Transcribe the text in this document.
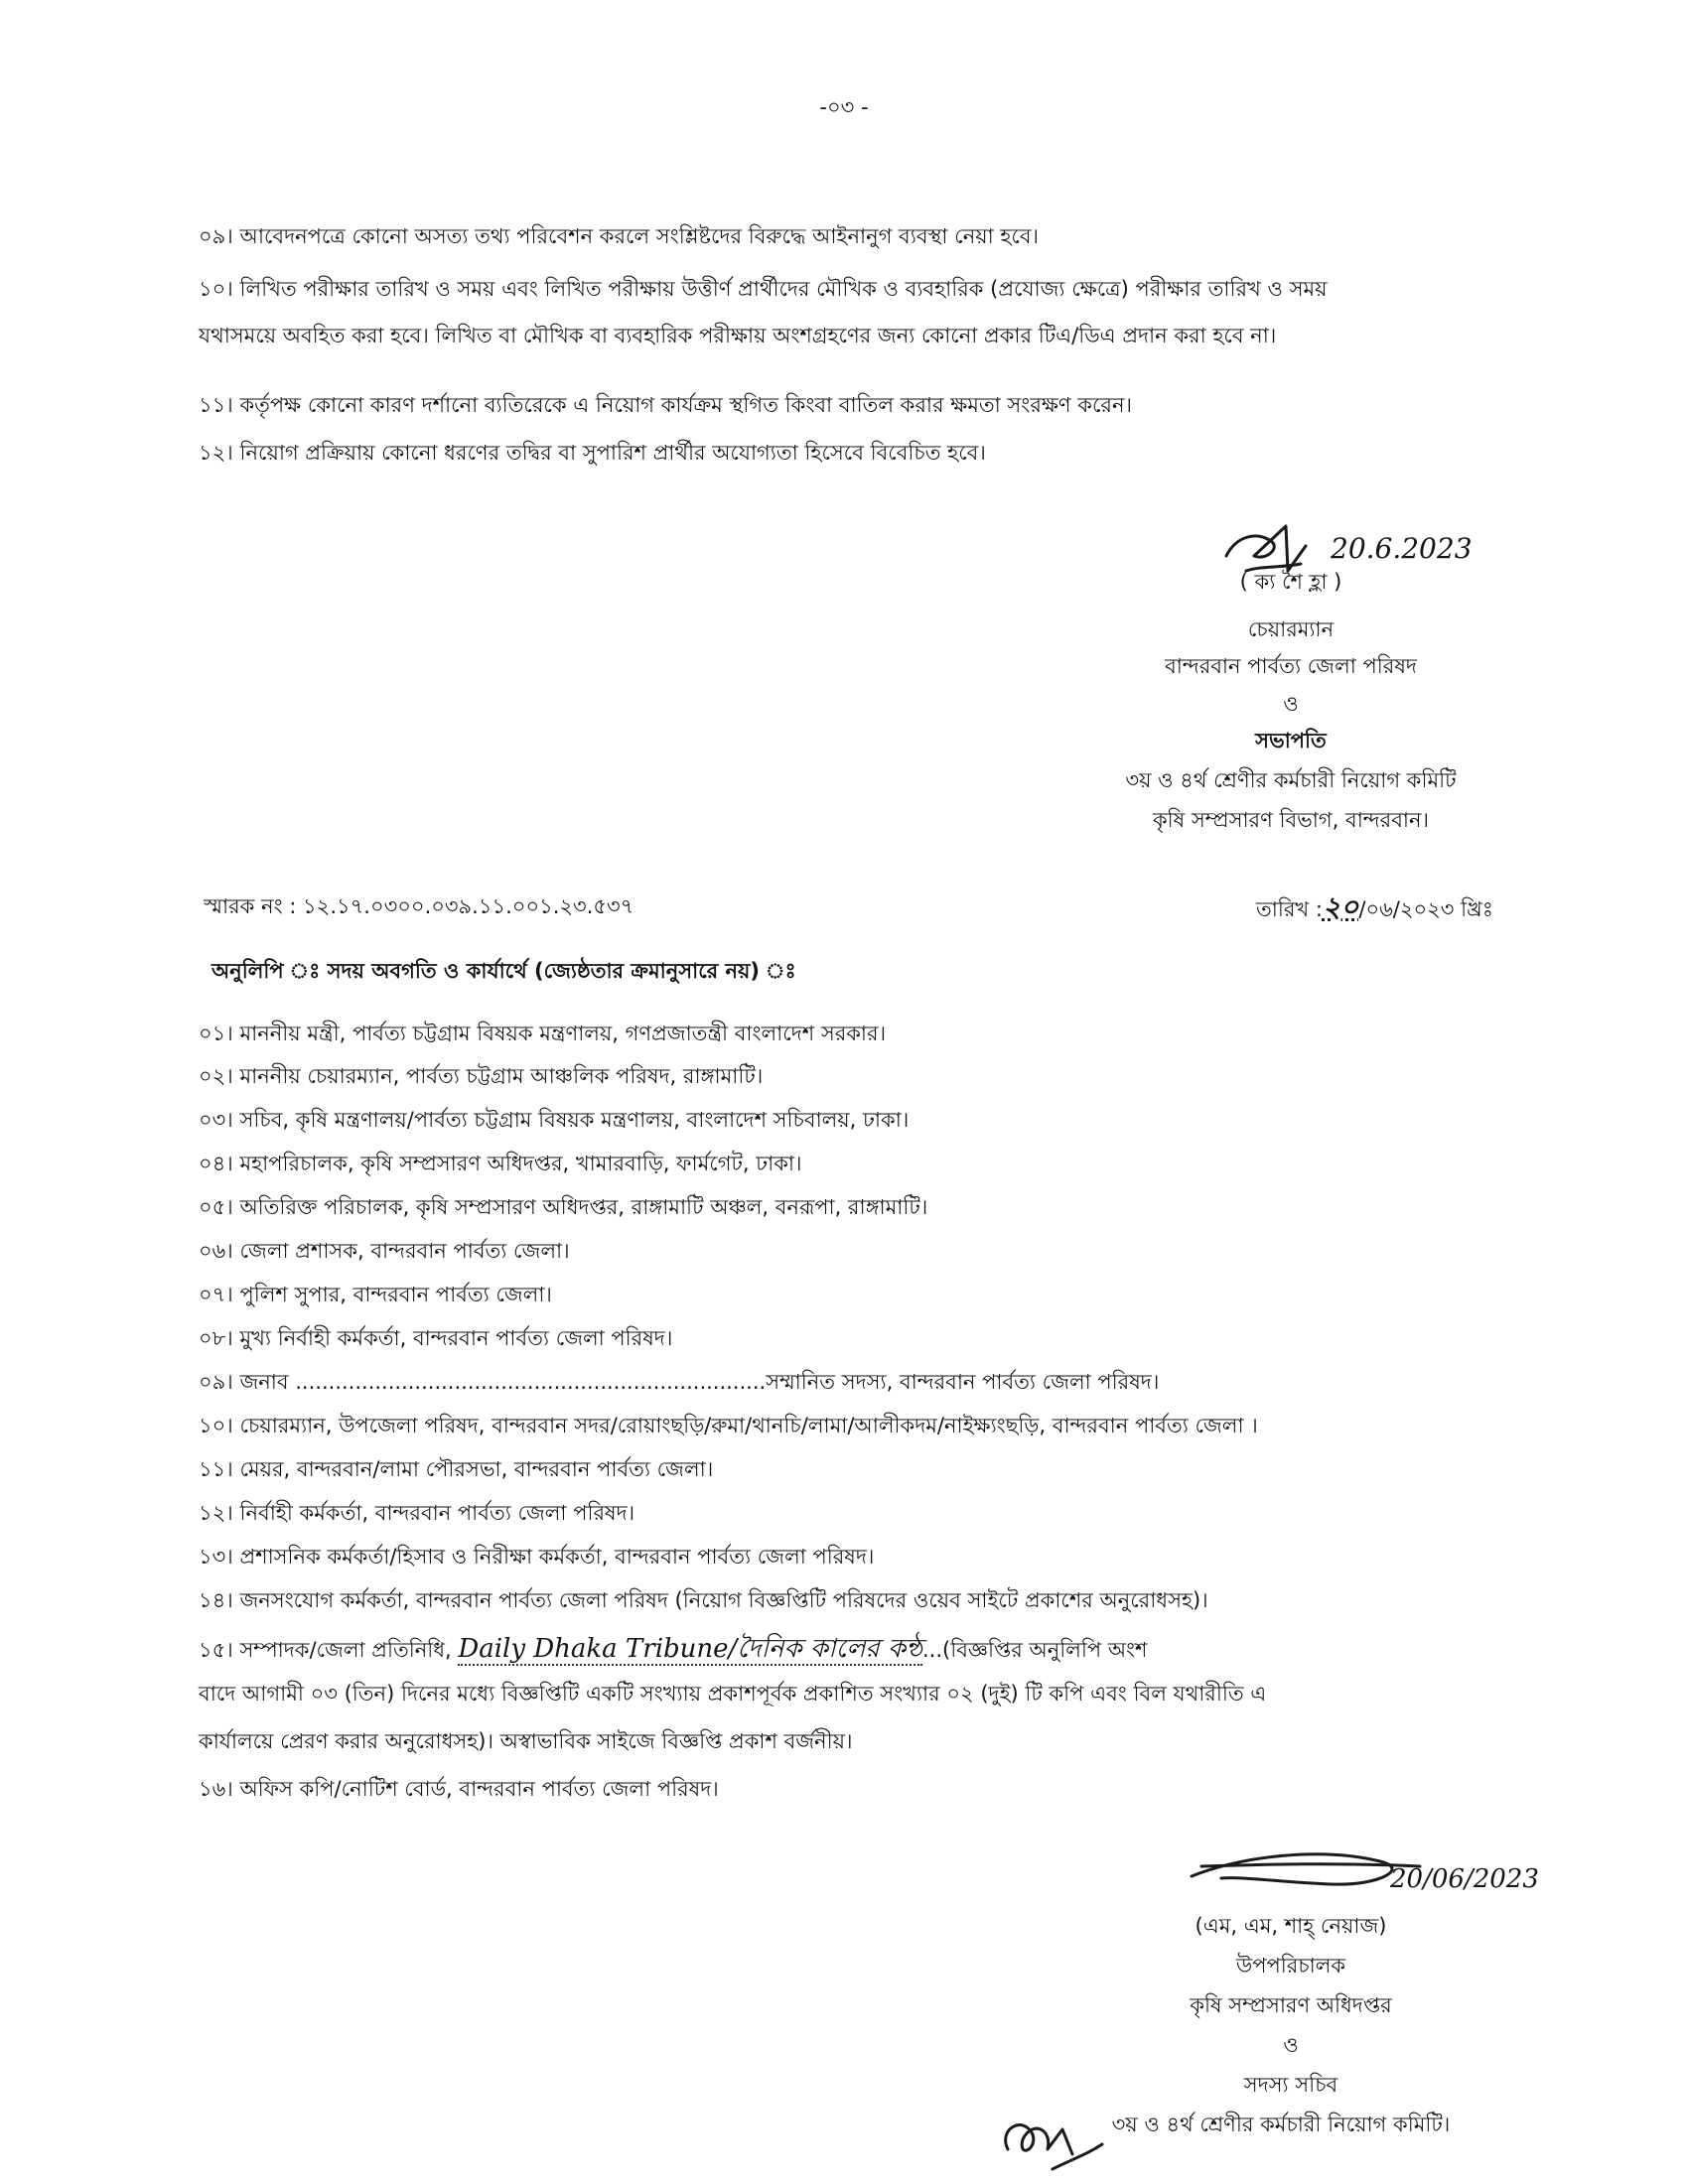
-০৩ -
০৯। আবেদনপত্রে কোনো অসত্য তথ্য পরিবেশন করলে সংশ্লিষ্টদের বিরুদ্ধে আইনানুগ ব্যবস্থা নেয়া হবে।
১০। লিখিত পরীক্ষার তারিখ ও সময় এবং লিখিত পরীক্ষায় উত্তীর্ণ প্রার্থীদের মৌখিক ও ব্যবহারিক (প্রযোজ্য ক্ষেত্রে) পরীক্ষার তারিখ ও সময়
যথাসময়ে অবহিত করা হবে। লিখিত বা মৌখিক বা ব্যবহারিক পরীক্ষায় অংশগ্রহণের জন্য কোনো প্রকার টিএ/ডিএ প্রদান করা হবে না।
১১। কর্তৃপক্ষ কোনো কারণ দর্শানো ব্যতিরেকে এ নিয়োগ কার্যক্রম স্থগিত কিংবা বাতিল করার ক্ষমতা সংরক্ষণ করেন।
১২। নিয়োগ প্রক্রিয়ায় কোনো ধরণের তদ্বির বা সুপারিশ প্রার্থীর অযোগ্যতা হিসেবে বিবেচিত হবে।
20.6.2023
( ক্য শৈ হ্লা )
চেয়ারম্যান
বান্দরবান পার্বত্য জেলা পরিষদ
ও
সভাপতি
৩য় ও ৪র্থ শ্রেণীর কর্মচারী নিয়োগ কমিটি
কৃষি সম্প্রসারণ বিভাগ, বান্দরবান।
স্মারক নং : ১২.১৭.০৩০০.০৩৯.১১.০০১.২৩.৫৩৭	তারিখ :২০/০৬/২০২৩ খ্রিঃ
অনুলিপি ঃ সদয় অবগতি ও কার্যার্থে (জ্যেষ্ঠতার ক্রমানুসারে নয়) ঃ
০১। মাননীয় মন্ত্রী, পার্বত্য চট্টগ্রাম বিষয়ক মন্ত্রণালয়, গণপ্রজাতন্ত্রী বাংলাদেশ সরকার।
০২। মাননীয় চেয়ারম্যান, পার্বত্য চট্টগ্রাম আঞ্চলিক পরিষদ, রাঙ্গামাটি।
০৩। সচিব, কৃষি মন্ত্রণালয়/পার্বত্য চট্টগ্রাম বিষয়ক মন্ত্রণালয়, বাংলাদেশ সচিবালয়, ঢাকা।
০৪। মহাপরিচালক, কৃষি সম্প্রসারণ অধিদপ্তর, খামারবাড়ি, ফার্মগেট, ঢাকা।
০৫। অতিরিক্ত পরিচালক, কৃষি সম্প্রসারণ অধিদপ্তর, রাঙ্গামাটি অঞ্চল, বনরূপা, রাঙ্গামাটি।
০৬। জেলা প্রশাসক, বান্দরবান পার্বত্য জেলা।
০৭। পুলিশ সুপার, বান্দরবান পার্বত্য জেলা।
০৮। মুখ্য নির্বাহী কর্মকর্তা, বান্দরবান পার্বত্য জেলা পরিষদ।
০৯। জনাব .......................................................................সম্মানিত সদস্য, বান্দরবান পার্বত্য জেলা পরিষদ।
১০। চেয়ারম্যান, উপজেলা পরিষদ, বান্দরবান সদর/রোয়াংছড়ি/রুমা/থানচি/লামা/আলীকদম/নাইক্ষ্যংছড়ি, বান্দরবান পার্বত্য জেলা ।
১১। মেয়র, বান্দরবান/লামা পৌরসভা, বান্দরবান পার্বত্য জেলা।
১২। নির্বাহী কর্মকর্তা, বান্দরবান পার্বত্য জেলা পরিষদ।
১৩। প্রশাসনিক কর্মকর্তা/হিসাব ও নিরীক্ষা কর্মকর্তা, বান্দরবান পার্বত্য জেলা পরিষদ।
১৪। জনসংযোগ কর্মকর্তা, বান্দরবান পার্বত্য জেলা পরিষদ (নিয়োগ বিজ্ঞপ্তিটি পরিষদের ওয়েব সাইটে প্রকাশের অনুরোধসহ)।
১৫। সম্পাদক/জেলা প্রতিনিধি, Daily Dhaka Tribune/দৈনিক কালের কন্ঠ...(বিজ্ঞপ্তির অনুলিপি অংশ
বাদে আগামী ০৩ (তিন) দিনের মধ্যে বিজ্ঞপ্তিটি একটি সংখ্যায় প্রকাশপূর্বক প্রকাশিত সংখ্যার ০২ (দুই) টি কপি এবং বিল যথারীতি এ
কার্যালয়ে প্রেরণ করার অনুরোধসহ)। অস্বাভাবিক সাইজে বিজ্ঞপ্তি প্রকাশ বর্জনীয়।
১৬। অফিস কপি/নোটিশ বোর্ড, বান্দরবান পার্বত্য জেলা পরিষদ।
20/06/2023
(এম, এম, শাহ্ নেয়াজ)
উপপরিচালক
কৃষি সম্প্রসারণ অধিদপ্তর
ও
সদস্য সচিব
৩য় ও ৪র্থ শ্রেণীর কর্মচারী নিয়োগ কমিটি।
